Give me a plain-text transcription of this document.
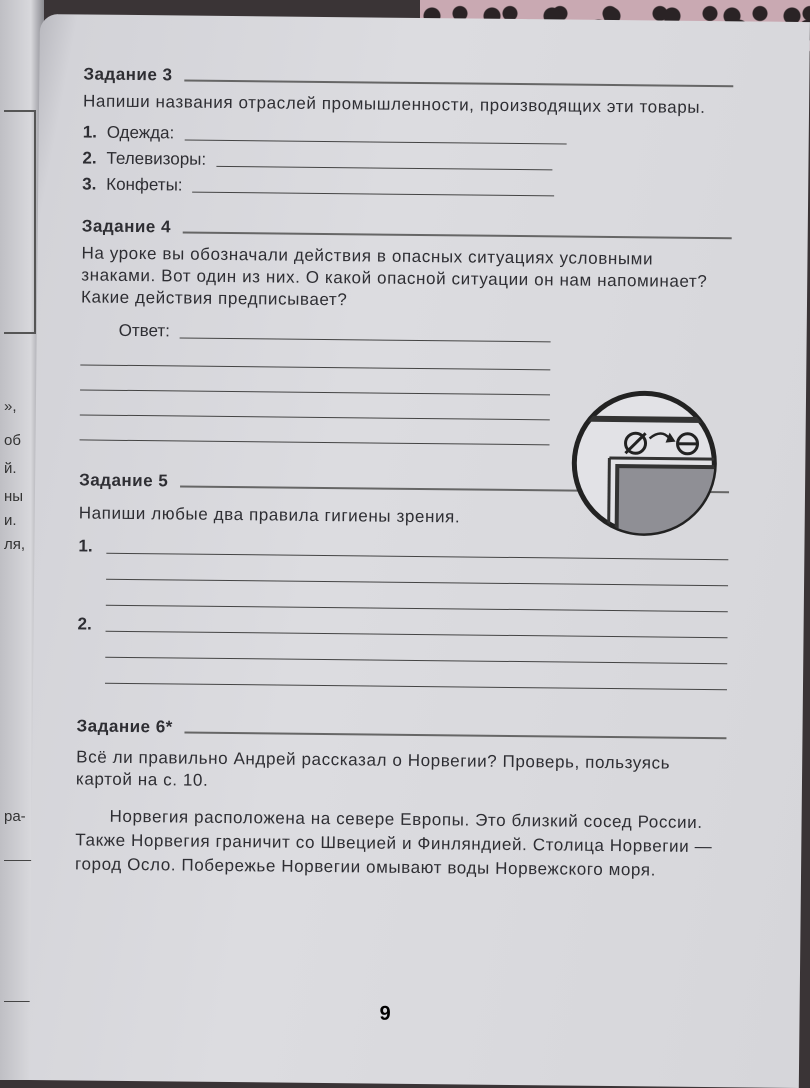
»,
об
й.
ны
и.
ля,
ра-
Задание 3
Напиши названия отраслей промышленности, производящих эти товары.
1. Одежда:
2. Телевизоры:
3. Конфеты:
Задание 4
На уроке вы обозначали действия в опасных ситуациях условными знаками. Вот один из них. О какой опасной ситуации он нам напоминает? Какие действия предписывает?
Ответ:
Задание 5
Напиши любые два правила гигиены зрения.
1.
2.
Задание 6*
Всё ли правильно Андрей рассказал о Норвегии? Проверь, пользуясь картой на с. 10.
Норвегия расположена на севере Европы. Это близкий сосед России. Также Норвегия граничит со Швецией и Финляндией. Столица Норвегии — город Осло. Побережье Норвегии омывают воды Норвежского моря.
9
